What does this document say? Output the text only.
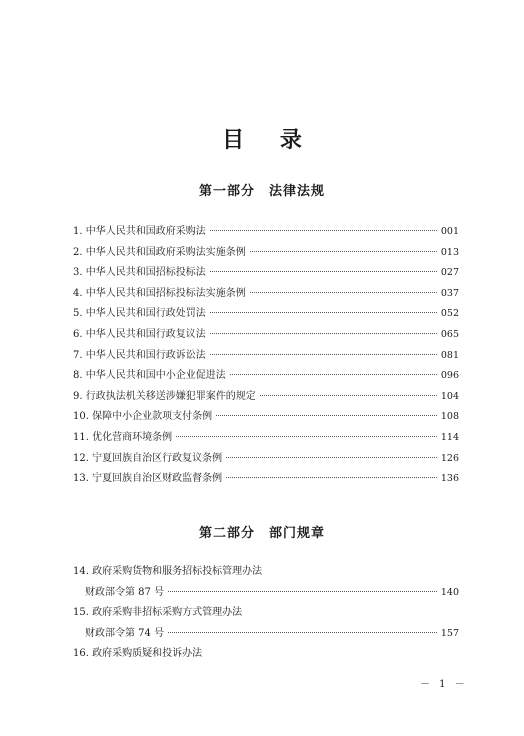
目 录
第一部分 法律法规
1. 中华人民共和国政府采购法	001
2. 中华人民共和国政府采购法实施条例	013
3. 中华人民共和国招标投标法	027
4. 中华人民共和国招标投标法实施条例	037
5. 中华人民共和国行政处罚法	052
6. 中华人民共和国行政复议法	065
7. 中华人民共和国行政诉讼法	081
8. 中华人民共和国中小企业促进法	096
9. 行政执法机关移送涉嫌犯罪案件的规定	104
10. 保障中小企业款项支付条例	108
11. 优化营商环境条例	114
12. 宁夏回族自治区行政复议条例	126
13. 宁夏回族自治区财政监督条例	136
第二部分 部门规章
14. 政府采购货物和服务招标投标管理办法
财政部令第 87 号	140
15. 政府采购非招标采购方式管理办法
财政部令第 74 号	157
16. 政府采购质疑和投诉办法
－ 1 －
